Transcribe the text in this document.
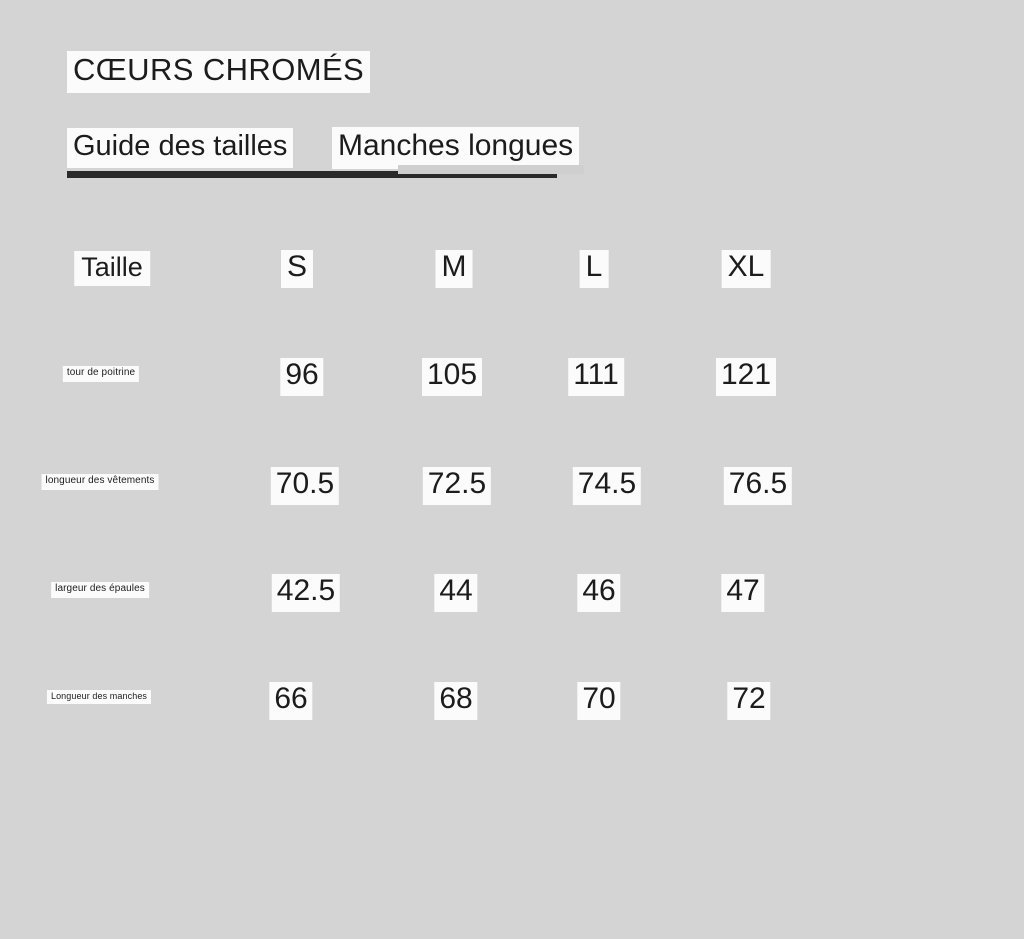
CŒURS CHROMÉS
Guide des tailles Manches longues
Taille	S	M	L	XL
tour de poitrine	96	105	111	121
longueur des vêtements	70.5	72.5	74.5	76.5
largeur des épaules	42.5	44	46	47
Longueur des manches	66	68	70	72
